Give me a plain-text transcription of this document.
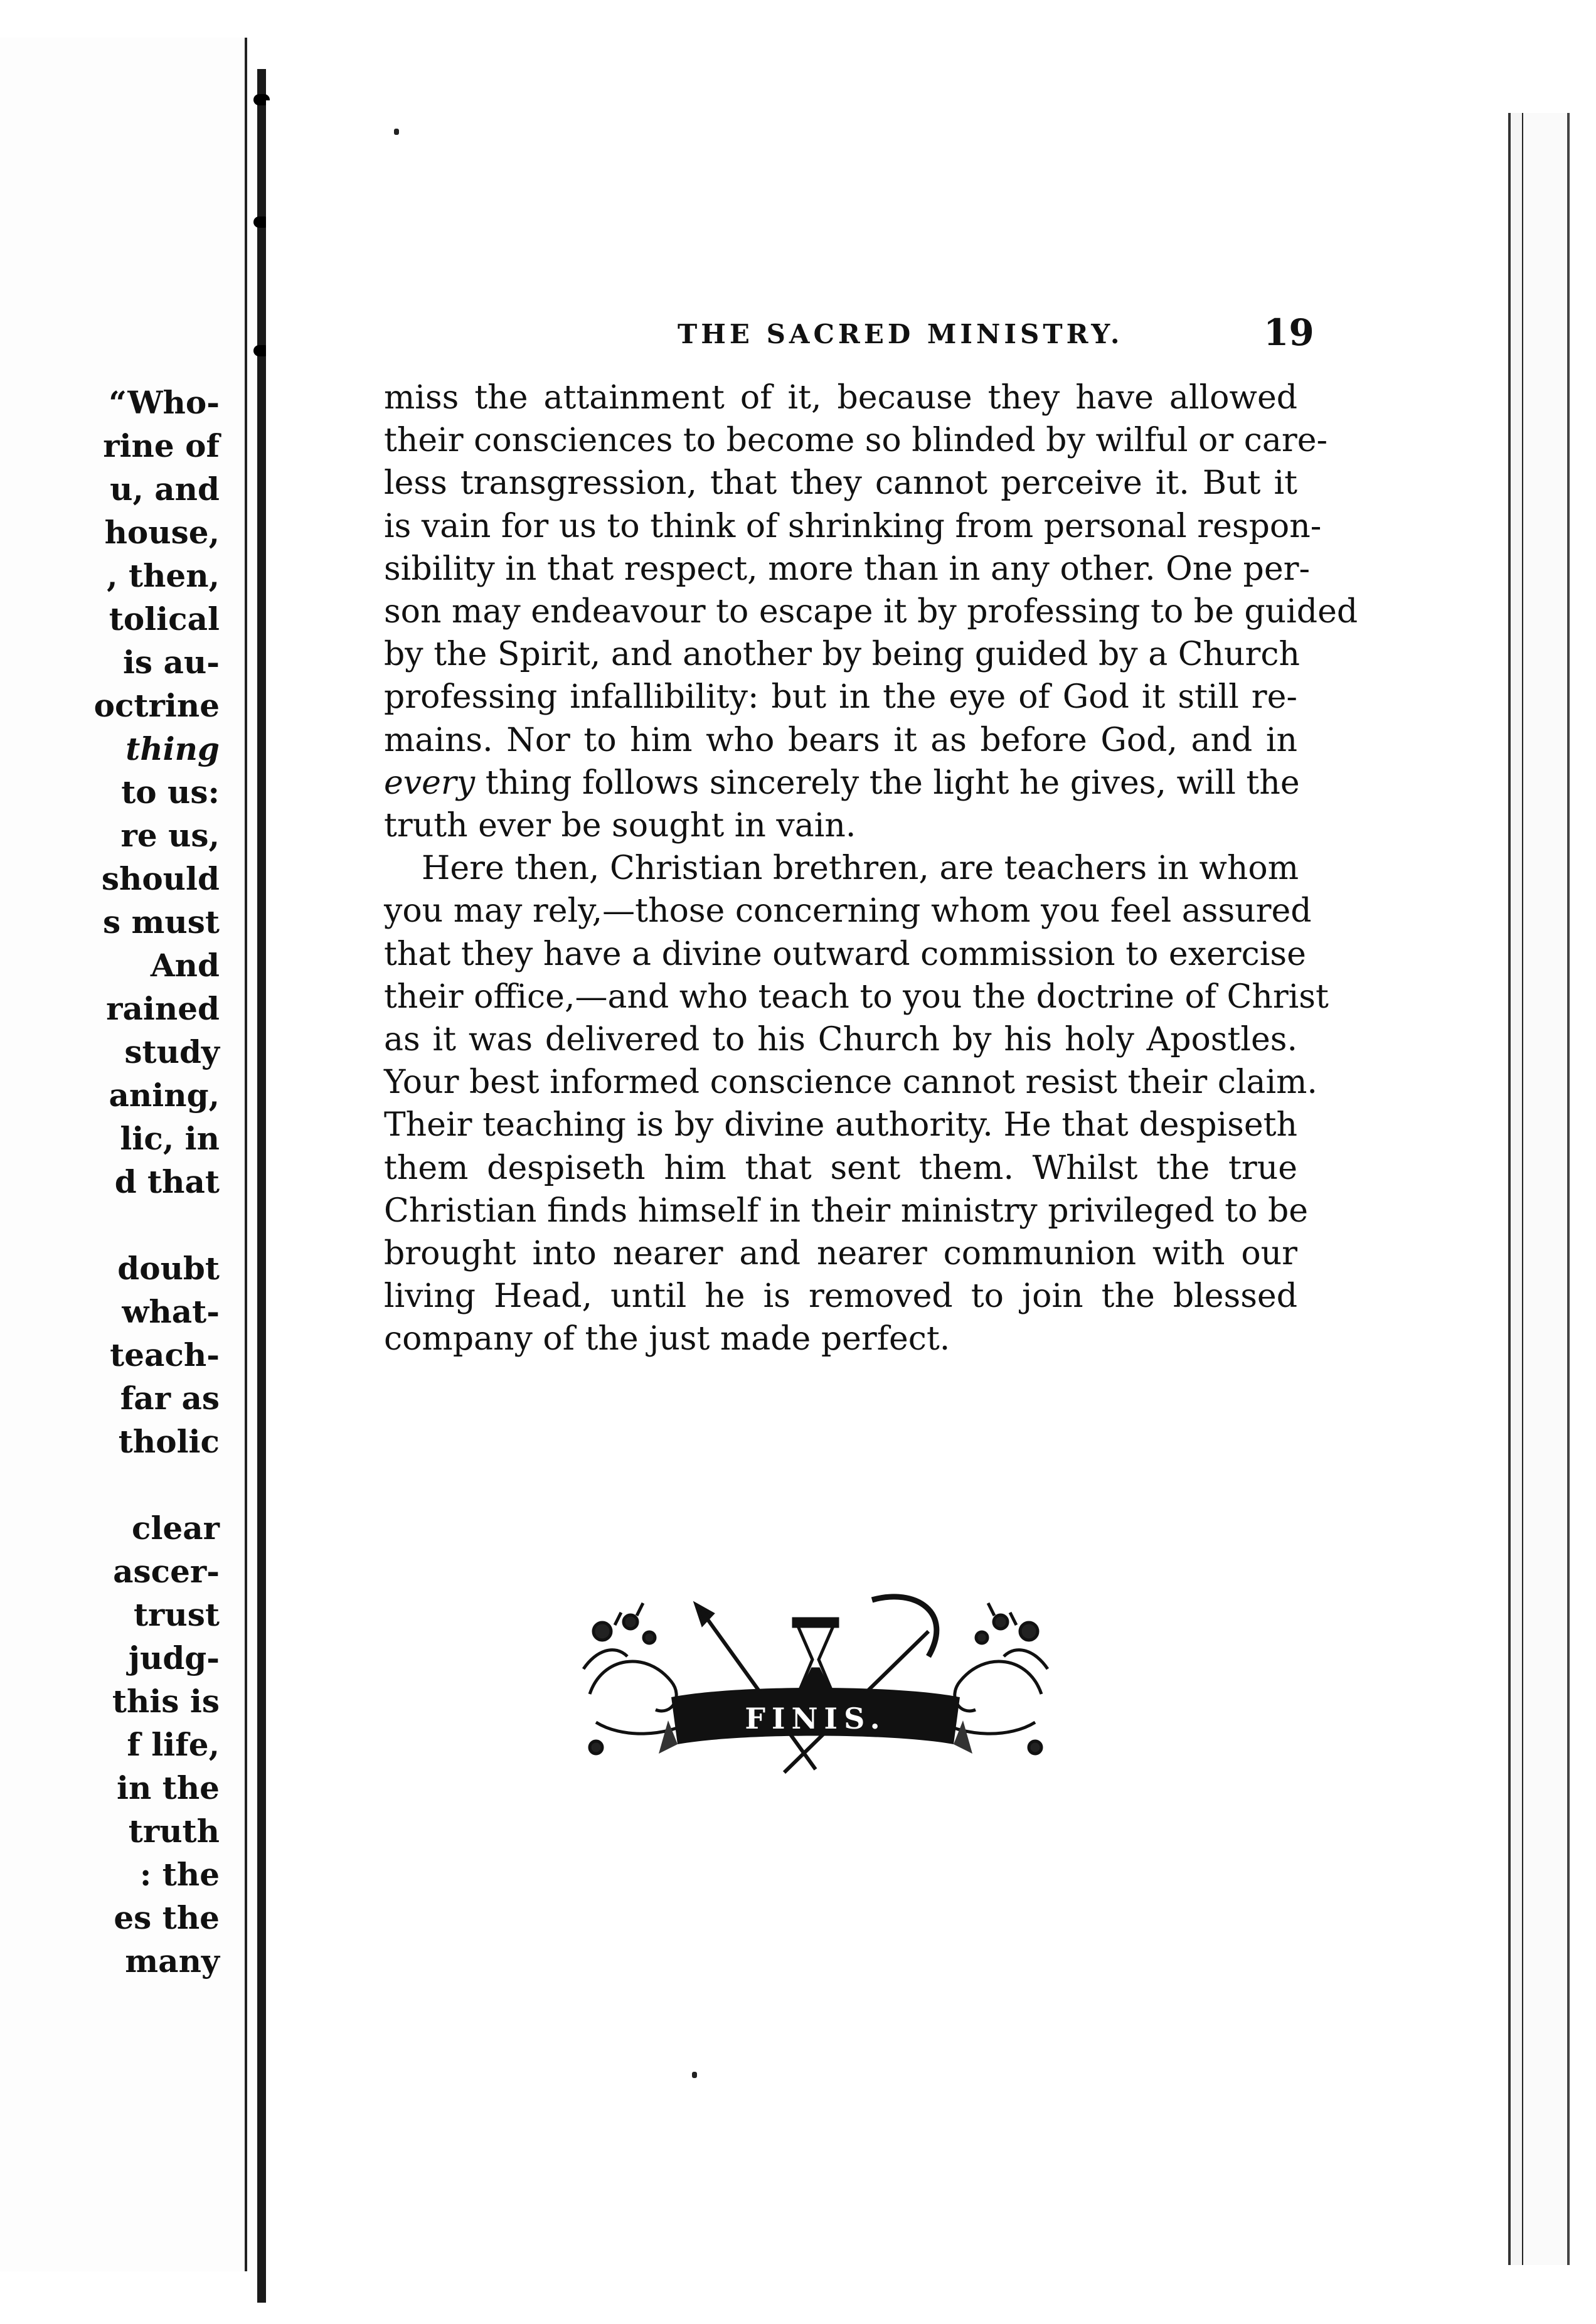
“Who-
rine of
u, and
house,
, then,
tolical
is au-
octrine
thing
to us:
re us,
should
s must
And
rained
study
aning,
lic, in
d that
doubt
what-
teach-
far as
tholic
clear
ascer-
trust
judg-
this is
f life,
in the
truth
: the
es the
many
THE SACRED MINISTRY.	19
miss the attainment of it, because they have allowed
their consciences to become so blinded by wilful or care-
less transgression, that they cannot perceive it. But it
is vain for us to think of shrinking from personal respon-
sibility in that respect, more than in any other. One per-
son may endeavour to escape it by professing to be guided
by the Spirit, and another by being guided by a Church
professing infallibility: but in the eye of God it still re-
mains. Nor to him who bears it as before God, and in
every thing follows sincerely the light he gives, will the
truth ever be sought in vain.
Here then, Christian brethren, are teachers in whom
you may rely,—those concerning whom you feel assured
that they have a divine outward commission to exercise
their office,—and who teach to you the doctrine of Christ
as it was delivered to his Church by his holy Apostles.
Your best informed conscience cannot resist their claim.
Their teaching is by divine authority. He that despiseth
them despiseth him that sent them. Whilst the true
Christian finds himself in their ministry privileged to be
brought into nearer and nearer communion with our
living Head, until he is removed to join the blessed
company of the just made perfect.
FINIS.
